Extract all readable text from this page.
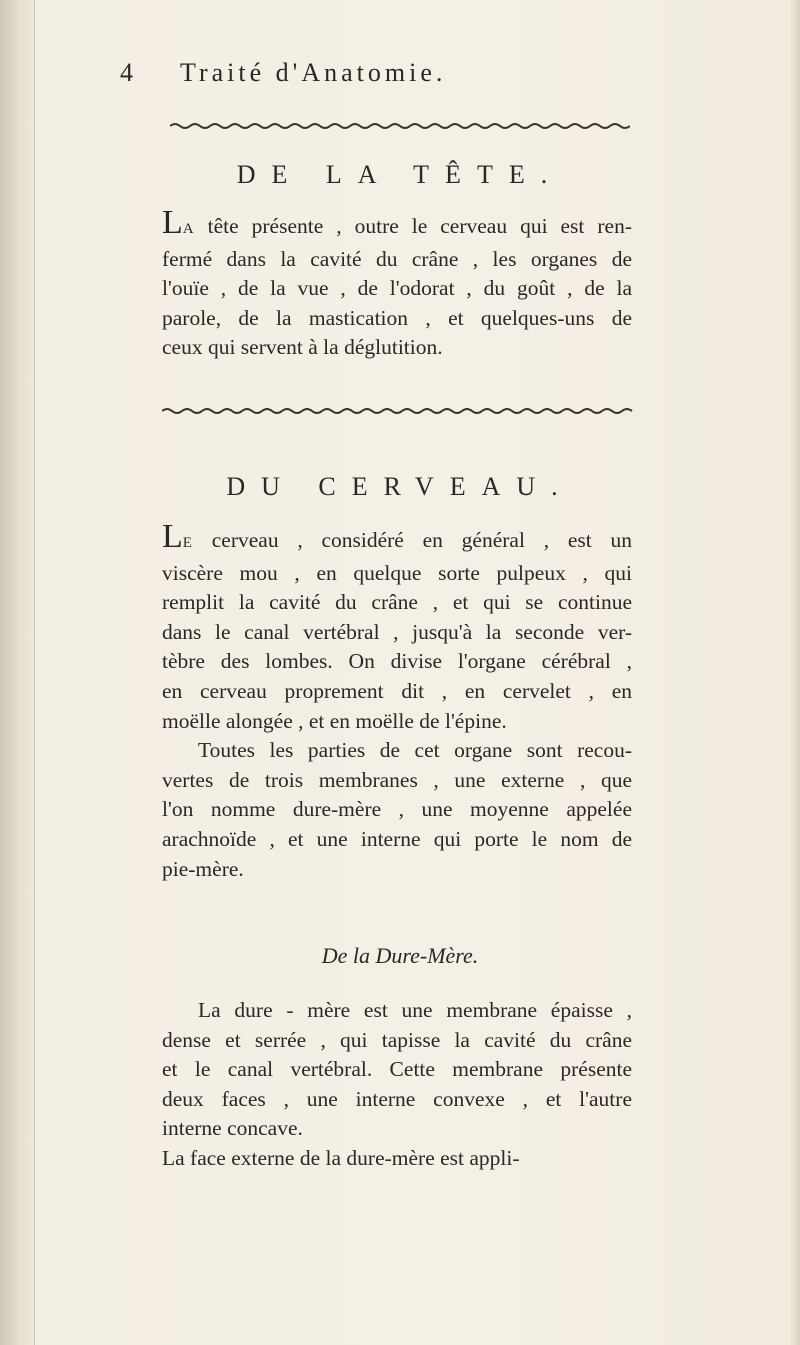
4 Traité d'Anatomie.
DE LA TÊTE.
LA tête présente , outre le cerveau qui est ren-
fermé dans la cavité du crâne , les organes de
l'ouïe , de la vue , de l'odorat , du goût , de la
parole, de la mastication , et quelques-uns de
ceux qui servent à la déglutition.
DU CERVEAU.
LE cerveau , considéré en général , est un
viscère mou , en quelque sorte pulpeux , qui
remplit la cavité du crâne , et qui se continue
dans le canal vertébral , jusqu'à la seconde ver-
tèbre des lombes. On divise l'organe cérébral ,
en cerveau proprement dit , en cervelet , en
moëlle alongée , et en moëlle de l'épine.
Toutes les parties de cet organe sont recou-
vertes de trois membranes , une externe , que
l'on nomme dure-mère , une moyenne appelée
arachnoïde , et une interne qui porte le nom de
pie-mère.
De la Dure-Mère.
La dure - mère est une membrane épaisse ,
dense et serrée , qui tapisse la cavité du crâne
et le canal vertébral. Cette membrane présente
deux faces , une interne convexe , et l'autre
interne concave.
La face externe de la dure-mère est appli-
